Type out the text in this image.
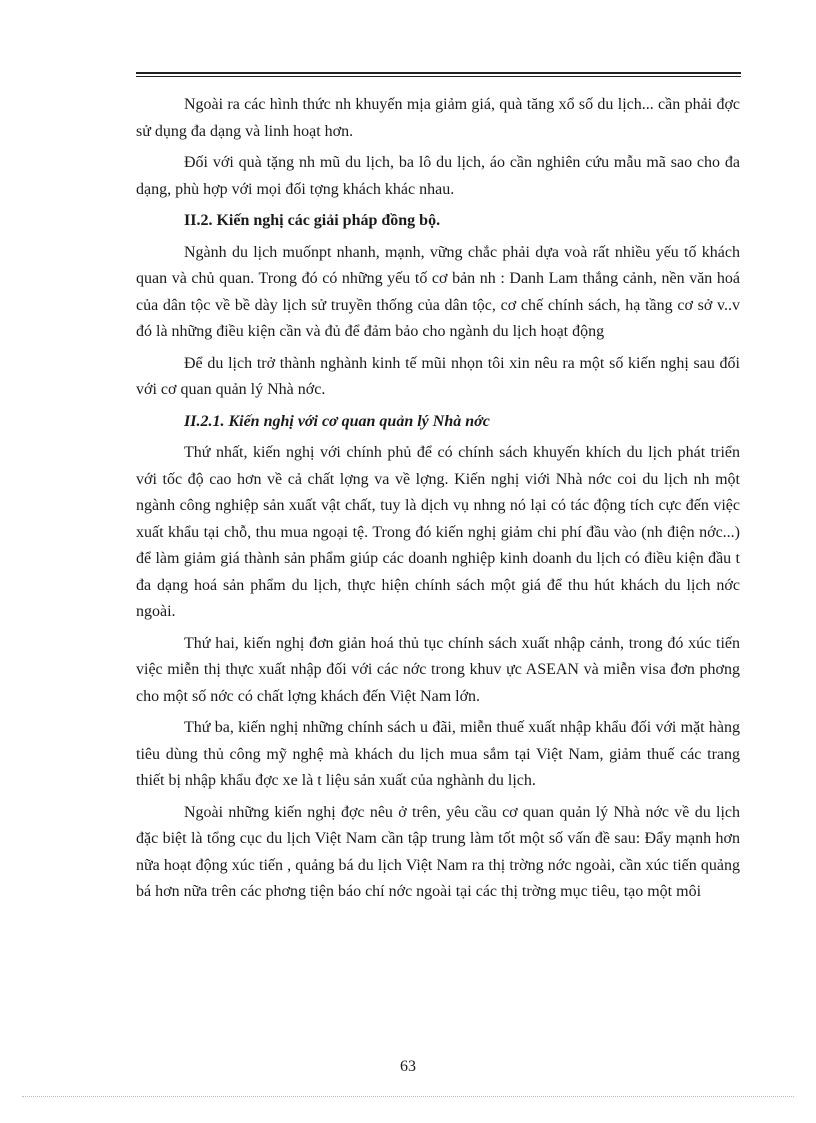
Ngoài ra các hình thức nh khuyến mịa giảm giá, quà tăng xổ số du lịch... cần phải đợc sử dụng đa dạng và linh hoạt hơn.

Đối với quà tặng nh mũ du lịch, ba lô du lịch, áo cần nghiên cứu mẫu mã sao cho đa dạng, phù hợp với mọi đối tợng khách khác nhau.

II.2. Kiến nghị các giải pháp đồng bộ.

Ngành du lịch muốnpt nhanh, mạnh, vững chắc phải dựa voà rất nhiều yếu tố khách quan và chủ quan. Trong đó có những yếu tố cơ bản nh : Danh Lam thắng cảnh, nền văn hoá của dân tộc về bề dày lịch sử truyền thống của dân tộc, cơ chế chính sách, hạ tầng cơ sở v..v đó là những điều kiện cần và đủ để đảm bảo cho ngành du lịch hoạt động

Để du lịch trở thành nghành kinh tế mũi nhọn tôi xin nêu ra một số kiến nghị sau đối với cơ quan quản lý Nhà nớc.

II.2.1. Kiến nghị với cơ quan quản lý Nhà nớc

Thứ nhất, kiến nghị với chính phủ để có chính sách khuyến khích du lịch phát triển với tốc độ cao hơn về cả chất lợng va về lợng. Kiến nghị viới Nhà nớc coi du lịch nh một ngành công nghiệp sản xuất vật chất, tuy là dịch vụ nhng nó lại có tác động tích cực đến việc xuất khẩu tại chỗ, thu mua ngoại tệ. Trong đó kiến nghị giảm chi phí đầu vào (nh điện nớc...) để làm giảm giá thành sản phẩm giúp các doanh nghiệp kinh doanh du lịch có điều kiện đầu t đa dạng hoá sản phẩm du lịch, thực hiện chính sách một giá để thu hút khách du lịch nớc ngoài.

Thứ hai, kiến nghị đơn giản hoá thủ tục chính sách xuất nhập cảnh, trong đó xúc tiến việc miễn thị thực xuất nhập đối với các nớc trong khuv ực ASEAN và miễn visa đơn phơng cho một số nớc có chất lợng khách đến Việt Nam lớn.

Thứ ba, kiến nghị những chính sách u đãi, miễn thuế xuất nhập khẩu đối với mặt hàng tiêu dùng thủ công mỹ nghệ mà khách du lịch mua sắm tại Việt Nam, giảm thuế các trang thiết bị nhập khẩu đợc xe là t liệu sản xuất của nghành du lịch.

Ngoài những kiến nghị đợc nêu ở trên, yêu cầu cơ quan quản lý Nhà nớc về du lịch đặc biệt là tổng cục du lịch Việt Nam cần tập trung làm tốt một số vấn đề sau: Đẩy mạnh hơn nữa hoạt động xúc tiến , quảng bá du lịch Việt Nam ra thị trờng nớc ngoài, cần xúc tiến quảng bá hơn nữa trên các phơng tiện báo chí nớc ngoài tại các thị trờng mục tiêu, tạo một môi

63
